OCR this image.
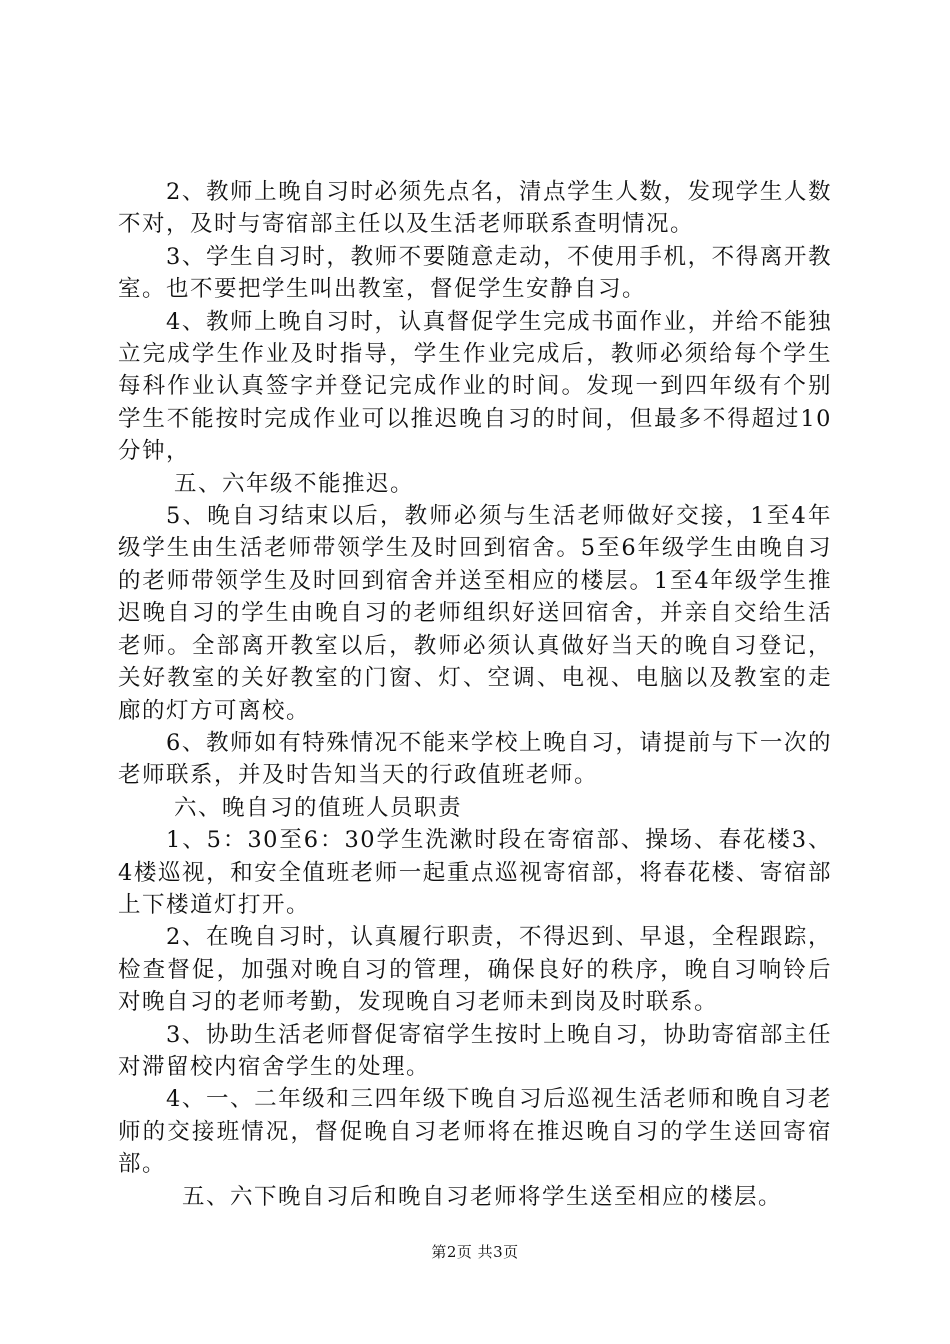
2、教师上晚自习时必须先点名，清点学生人数，发现学生人数不对，及时与寄宿部主任以及生活老师联系查明情况。

3、学生自习时，教师不要随意走动，不使用手机，不得离开教室。也不要把学生叫出教室，督促学生安静自习。

4、教师上晚自习时，认真督促学生完成书面作业，并给不能独立完成学生作业及时指导，学生作业完成后，教师必须给每个学生每科作业认真签字并登记完成作业的时间。发现一到四年级有个别学生不能按时完成作业可以推迟晚自习的时间，但最多不得超过10分钟，

五、六年级不能推迟。

5、晚自习结束以后，教师必须与生活老师做好交接，1至4年级学生由生活老师带领学生及时回到宿舍。5至6年级学生由晚自习的老师带领学生及时回到宿舍并送至相应的楼层。1至4年级学生推迟晚自习的学生由晚自习的老师组织好送回宿舍，并亲自交给生活老师。全部离开教室以后，教师必须认真做好当天的晚自习登记，关好教室的关好教室的门窗、灯、空调、电视、电脑以及教室的走廊的灯方可离校。

6、教师如有特殊情况不能来学校上晚自习，请提前与下一次的老师联系，并及时告知当天的行政值班老师。

六、晚自习的值班人员职责

1、5：30至6：30学生洗漱时段在寄宿部、操场、春花楼3、4楼巡视，和安全值班老师一起重点巡视寄宿部，将春花楼、寄宿部上下楼道灯打开。

2、在晚自习时，认真履行职责，不得迟到、早退，全程跟踪，检查督促，加强对晚自习的管理，确保良好的秩序，晚自习响铃后对晚自习的老师考勤，发现晚自习老师未到岗及时联系。

3、协助生活老师督促寄宿学生按时上晚自习，协助寄宿部主任对滞留校内宿舍学生的处理。

4、一、二年级和三四年级下晚自习后巡视生活老师和晚自习老师的交接班情况，督促晚自习老师将在推迟晚自习的学生送回寄宿部。

五、六下晚自习后和晚自习老师将学生送至相应的楼层。

第2页 共3页
